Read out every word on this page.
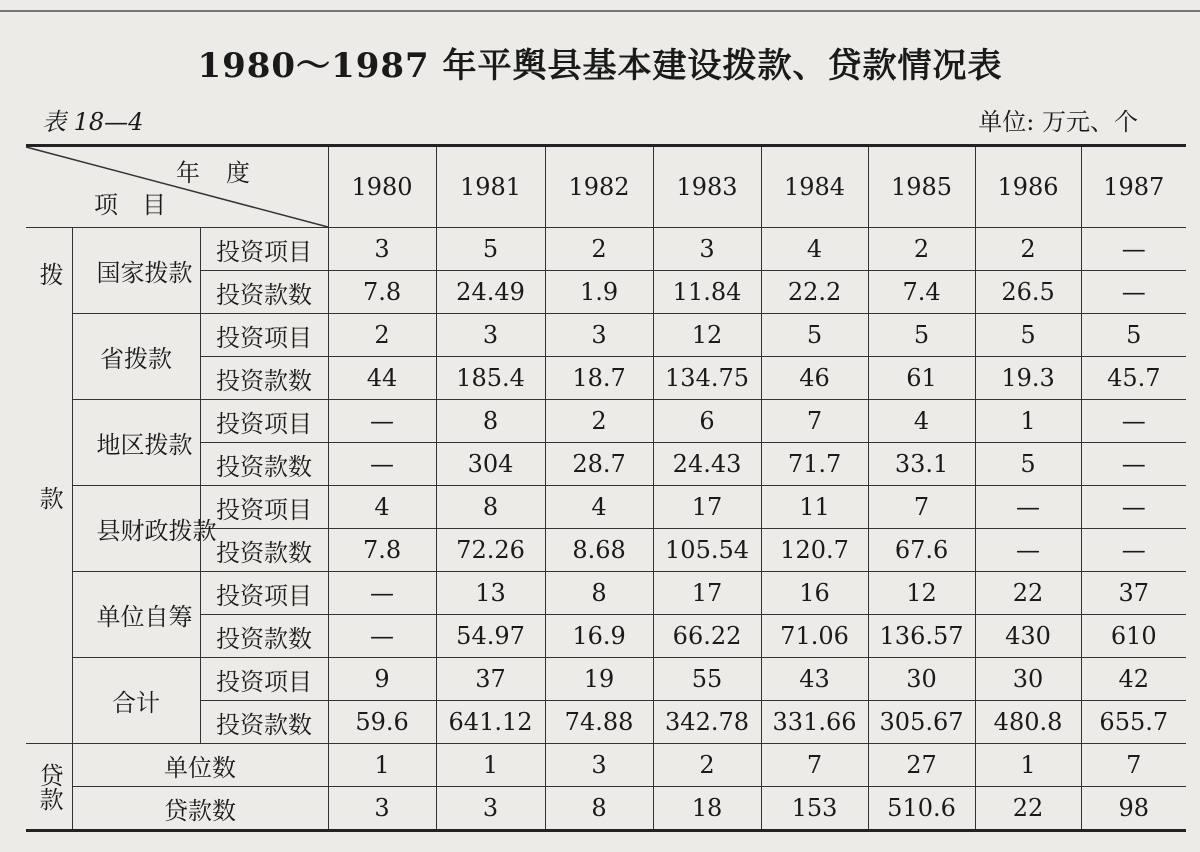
1980～1987 年平舆县基本建设拨款、贷款情况表
表 18—4	单位: 万元、个
年度
项目			1980	1981	1982	1983	1984	1985	1986	1987
拨款	国家拨款	投资项目	3	5	2	3	4	2	2	—
		投资款数	7.8	24.49	1.9	11.84	22.2	7.4	26.5	—
	省拨款	投资项目	2	3	3	12	5	5	5	5
		投资款数	44	185.4	18.7	134.75	46	61	19.3	45.7
	地区拨款	投资项目	—	8	2	6	7	4	1	—
		投资款数	—	304	28.7	24.43	71.7	33.1	5	—
	县财政拨款	投资项目	4	8	4	17	11	7	—	—
		投资款数	7.8	72.26	8.68	105.54	120.7	67.6	—	—
	单位自筹	投资项目	—	13	8	17	16	12	22	37
		投资款数	—	54.97	16.9	66.22	71.06	136.57	430	610
	合计	投资项目	9	37	19	55	43	30	30	42
		投资款数	59.6	641.12	74.88	342.78	331.66	305.67	480.8	655.7
贷款	单位数		1	1	3	2	7	27	1	7
	贷款数		3	3	8	18	153	510.6	22	98
